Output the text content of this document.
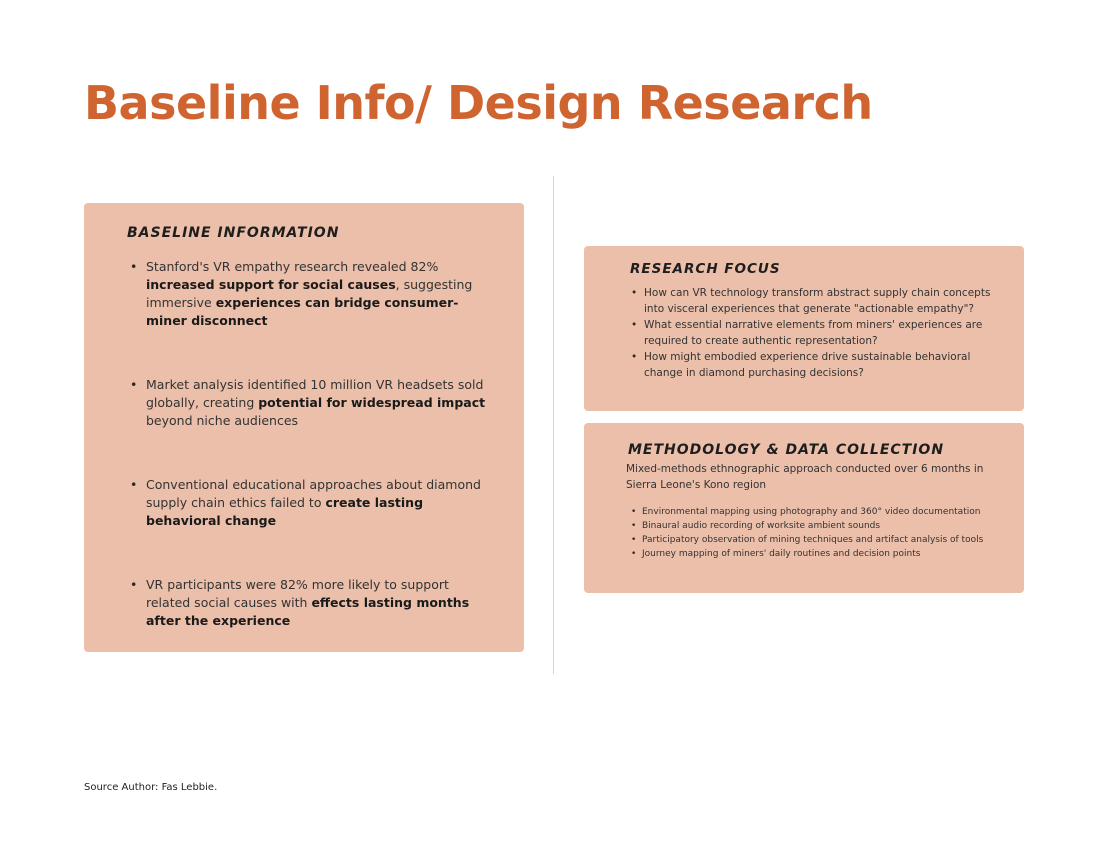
Baseline Info/ Design Research
BASELINE INFORMATION
• Stanford's VR empathy research revealed 82% increased support for social causes, suggesting immersive experiences can bridge consumer-miner disconnect
• Market analysis identified 10 million VR headsets sold globally, creating potential for widespread impact beyond niche audiences
• Conventional educational approaches about diamond supply chain ethics failed to create lasting behavioral change
• VR participants were 82% more likely to support related social causes with effects lasting months after the experience
RESEARCH FOCUS
• How can VR technology transform abstract supply chain concepts into visceral experiences that generate "actionable empathy"?
• What essential narrative elements from miners' experiences are required to create authentic representation?
• How might embodied experience drive sustainable behavioral change in diamond purchasing decisions?
METHODOLOGY & DATA COLLECTION

Mixed-methods ethnographic approach conducted over 6 months in Sierra Leone's Kono region

• Environmental mapping using photography and 360° video documentation
• Binaural audio recording of worksite ambient sounds
• Participatory observation of mining techniques and artifact analysis of tools
• Journey mapping of miners' daily routines and decision points
Source Author: Fas Lebbie.
